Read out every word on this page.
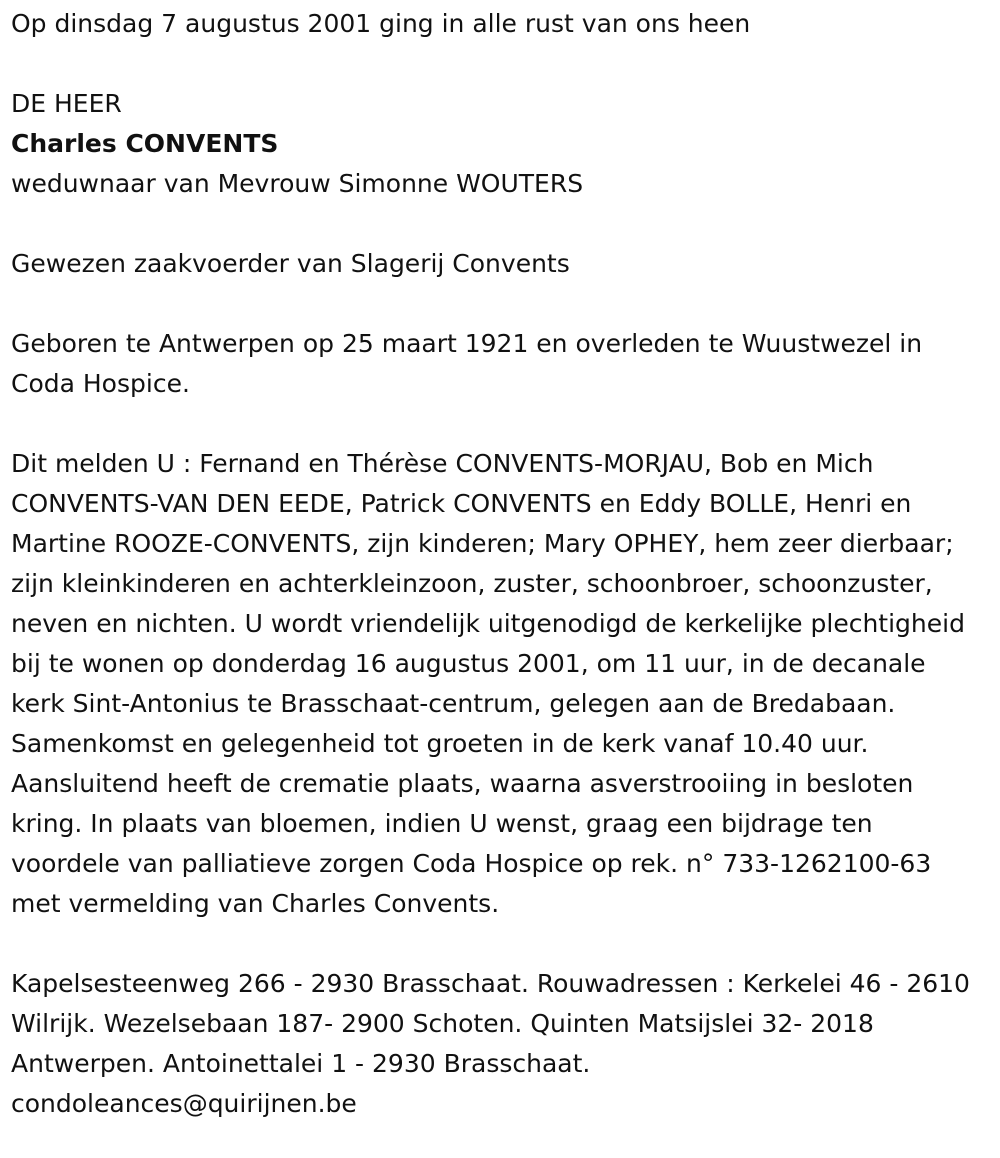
Op dinsdag 7 augustus 2001 ging in alle rust van ons heen

DE HEER

Charles CONVENTS

weduwnaar van Mevrouw Simonne WOUTERS

Gewezen zaakvoerder van Slagerij Convents

Geboren te Antwerpen op 25 maart 1921 en overleden te Wuustwezel in Coda Hospice.

Dit melden U : Fernand en Thérèse CONVENTS-MORJAU, Bob en Mich CONVENTS-VAN DEN EEDE, Patrick CONVENTS en Eddy BOLLE, Henri en Martine ROOZE-CONVENTS, zijn kinderen; Mary OPHEY, hem zeer dierbaar; zijn kleinkinderen en achterkleinzoon, zuster, schoonbroer, schoonzuster, neven en nichten. U wordt vriendelijk uitgenodigd de kerkelijke plechtigheid bij te wonen op donderdag 16 augustus 2001, om 11 uur, in de decanale kerk Sint-Antonius te Brasschaat-centrum, gelegen aan de Bredabaan. Samenkomst en gelegenheid tot groeten in de kerk vanaf 10.40 uur. Aansluitend heeft de crematie plaats, waarna asverstrooiing in besloten kring. In plaats van bloemen, indien U wenst, graag een bijdrage ten voordele van palliatieve zorgen Coda Hospice op rek. n° 733-1262100-63 met vermelding van Charles Convents.

Kapelsesteenweg 266 - 2930 Brasschaat. Rouwadressen : Kerkelei 46 - 2610 Wilrijk. Wezelsebaan 187- 2900 Schoten. Quinten Matsijslei 32- 2018 Antwerpen. Antoinettalei 1 - 2930 Brasschaat.

condoleances@quirijnen.be
